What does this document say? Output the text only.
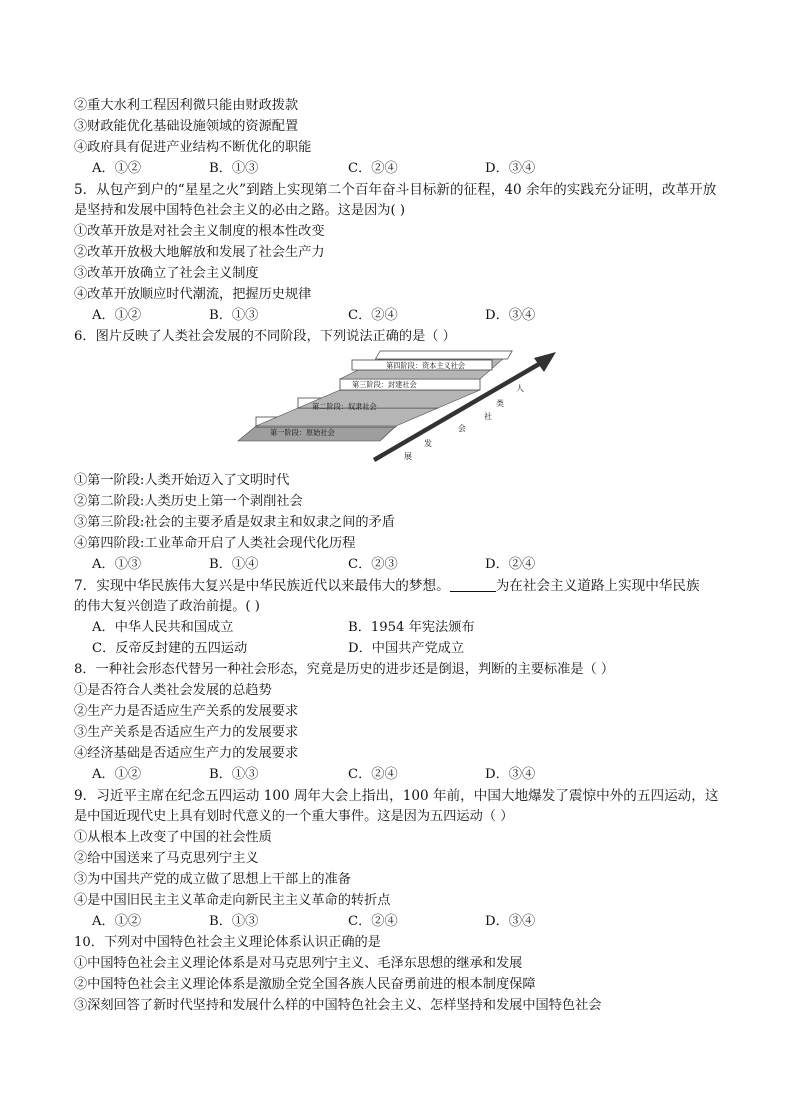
②重大水利工程因利微只能由财政拨款
③财政能优化基础设施领域的资源配置
④政府具有促进产业结构不断优化的职能
A．①②	B．①③	C．②④	D．③④
5．从包产到户的“星星之火”到踏上实现第二个百年奋斗目标新的征程，40 余年的实践充分证明，改革开放
是坚持和发展中国特色社会主义的必由之路。这是因为( )
①改革开放是对社会主义制度的根本性改变
②改革开放极大地解放和发展了社会生产力
③改革开放确立了社会主义制度
④改革开放顺应时代潮流，把握历史规律
A．①②	B．①③	C．②④	D．③④
6．图片反映了人类社会发展的不同阶段，下列说法正确的是（ ）
第一阶段：原始社会
第二阶段：奴隶社会
第三阶段：封建社会
第四阶段：资本主义社会
人
类
社
会
发
展
①第一阶段:人类开始迈入了文明时代
②第二阶段:人类历史上第一个剥削社会
③第三阶段:社会的主要矛盾是奴隶主和奴隶之间的矛盾
④第四阶段:工业革命开启了人类社会现代化历程
A．①③	B．①④	C．②③	D．②④
7．实现中华民族伟大复兴是中华民族近代以来最伟大的梦想。	为在社会主义道路上实现中华民族
的伟大复兴创造了政治前提。( )
A．中华人民共和国成立	B．1954 年宪法颁布
C．反帝反封建的五四运动	D．中国共产党成立
8．一种社会形态代替另一种社会形态，究竟是历史的进步还是倒退，判断的主要标准是（ ）
①是否符合人类社会发展的总趋势
②生产力是否适应生产关系的发展要求
③生产关系是否适应生产力的发展要求
④经济基础是否适应生产力的发展要求
A．①②	B．①③	C．②④	D．③④
9．习近平主席在纪念五四运动 100 周年大会上指出，100 年前，中国大地爆发了震惊中外的五四运动，这
是中国近现代史上具有划时代意义的一个重大事件。这是因为五四运动（ ）
①从根本上改变了中国的社会性质
②给中国送来了马克思列宁主义
③为中国共产党的成立做了思想上干部上的准备
④是中国旧民主主义革命走向新民主主义革命的转折点
A．①②	B．①③	C．②④	D．③④
10．下列对中国特色社会主义理论体系认识正确的是
①中国特色社会主义理论体系是对马克思列宁主义、毛泽东思想的继承和发展
②中国特色社会主义理论体系是激励全党全国各族人民奋勇前进的根本制度保障
③深刻回答了新时代坚持和发展什么样的中国特色社会主义、怎样坚持和发展中国特色社会
